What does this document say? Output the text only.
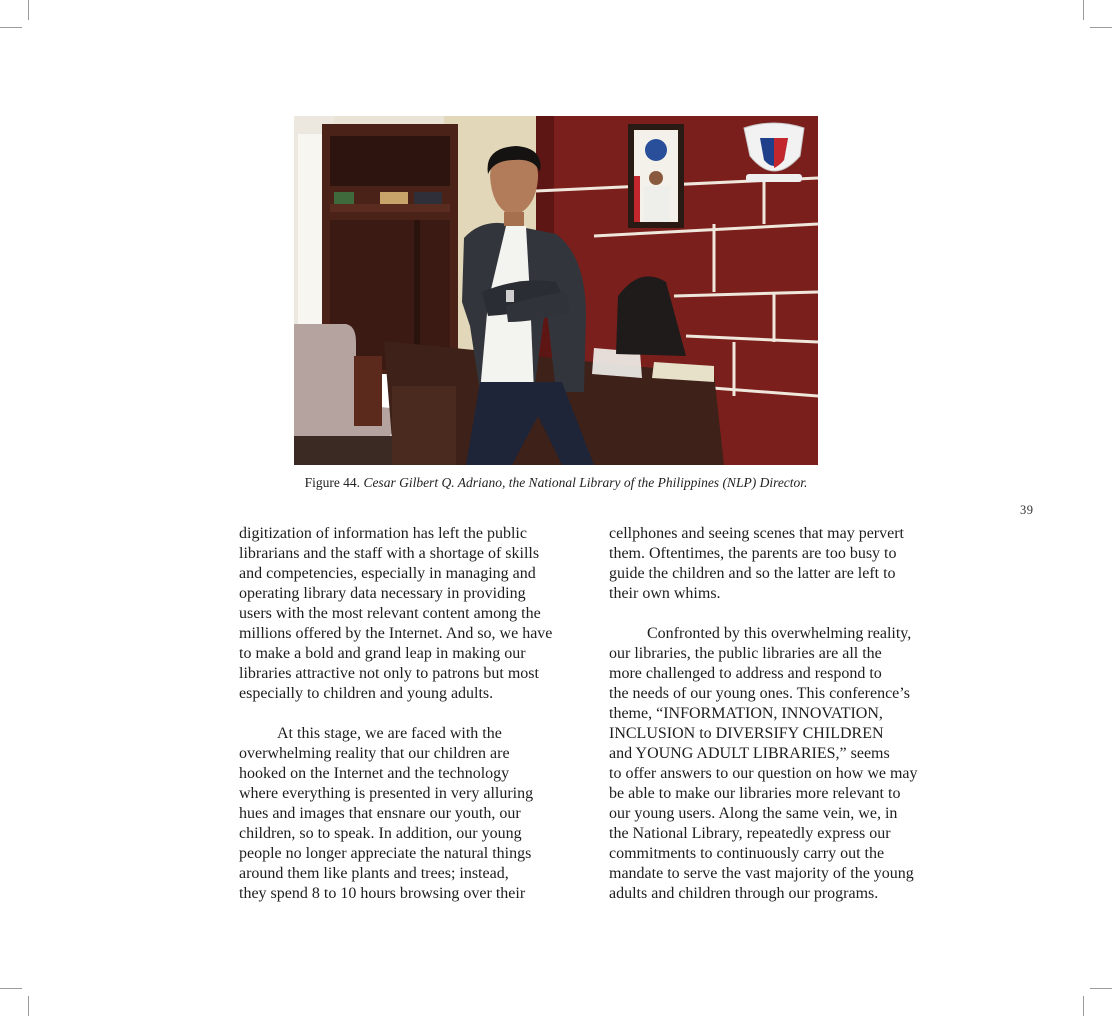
Figure 44. Cesar Gilbert Q. Adriano, the National Library of the Philippines (NLP) Director.
39
digitization of information has left the public
librarians and the staff with a shortage of skills
and competencies, especially in managing and
operating library data necessary in providing
users with the most relevant content among the
millions offered by the Internet. And so, we have
to make a bold and grand leap in making our
libraries attractive not only to patrons but most
especially to children and young adults.
At this stage, we are faced with the
overwhelming reality that our children are
hooked on the Internet and the technology
where everything is presented in very alluring
hues and images that ensnare our youth, our
children, so to speak. In addition, our young
people no longer appreciate the natural things
around them like plants and trees; instead,
they spend 8 to 10 hours browsing over their
cellphones and seeing scenes that may pervert
them. Oftentimes, the parents are too busy to
guide the children and so the latter are left to
their own whims.
Confronted by this overwhelming reality,
our libraries, the public libraries are all the
more challenged to address and respond to
the needs of our young ones. This conference’s
theme, “INFORMATION, INNOVATION,
INCLUSION to DIVERSIFY CHILDREN
and YOUNG ADULT LIBRARIES,” seems
to offer answers to our question on how we may
be able to make our libraries more relevant to
our young users. Along the same vein, we, in
the National Library, repeatedly express our
commitments to continuously carry out the
mandate to serve the vast majority of the young
adults and children through our programs.
